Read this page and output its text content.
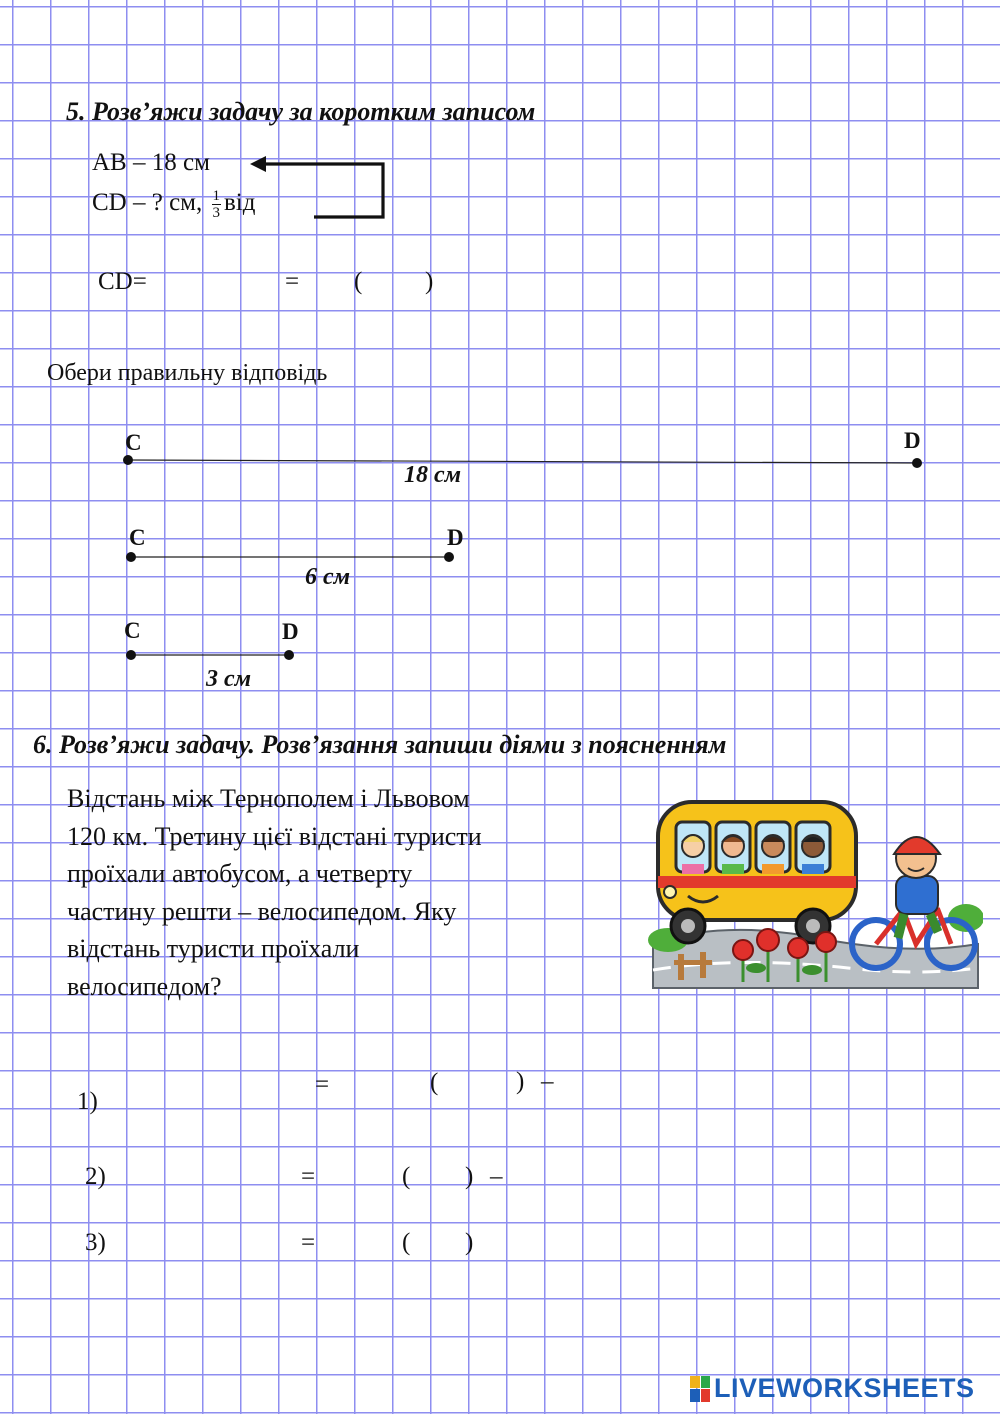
5. Розв’яжи задачу за коротким записом
АВ – 18 см
СD – ? см, $\frac{1}{3}$ від
CD=	= (	)
Обери правильну відповідь
C	D
18 см
C	D
6 см
C	D
3 см
6. Розв’яжи задачу. Розв’язання запиши діями з поясненням
Відстань між Тернополем і Львовом
120 км. Третину цієї відстані туристи
проїхали автобусом, а четверту
частину решти – велосипедом. Яку
відстань туристи проїхали
велосипедом?
1)
=	(	) –
2)	=	( ) –
3)	=	( )
LIVEWORKSHEETS
